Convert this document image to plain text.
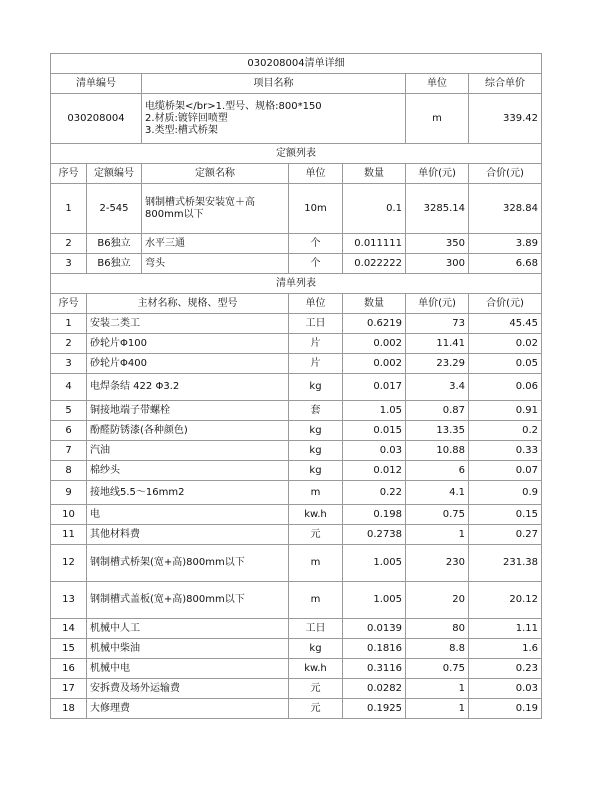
030208004清单详细						
清单编号		项目名称			单位	综合单价
030208004		电缆桥架</br>1.型号、规格:800*150
2.材质:镀锌回喷塑
3.类型:槽式桥架			m	339.42
定额列表						
序号	定额编号	定额名称	单位	数量	单价(元)	合价(元)
1	2-545	钢制槽式桥架安装宽＋高800mm以下	10m	0.1	3285.14	328.84
2	B6独立	水平三通	个	0.011111	350	3.89
3	B6独立	弯头	个	0.022222	300	6.68
清单列表						
序号	主材名称、规格、型号		单位	数量	单价(元)	合价(元)
1	安装二类工		工日	0.6219	73	45.45
2	砂轮片Φ100		片	0.002	11.41	0.02
3	砂轮片Φ400		片	0.002	23.29	0.05
4	电焊条结 422 Φ3.2		kg	0.017	3.4	0.06
5	铜接地端子带螺栓		套	1.05	0.87	0.91
6	酚醛防锈漆(各种颜色)		kg	0.015	13.35	0.2
7	汽油		kg	0.03	10.88	0.33
8	棉纱头		kg	0.012	6	0.07
9	接地线5.5～16mm2		m	0.22	4.1	0.9
10	电		kw.h	0.198	0.75	0.15
11	其他材料费		元	0.2738	1	0.27
12	钢制槽式桥架(宽+高)800mm以下		m	1.005	230	231.38
13	钢制槽式盖板(宽+高)800mm以下		m	1.005	20	20.12
14	机械中人工		工日	0.0139	80	1.11
15	机械中柴油		kg	0.1816	8.8	1.6
16	机械中电		kw.h	0.3116	0.75	0.23
17	安拆费及场外运输费		元	0.0282	1	0.03
18	大修理费		元	0.1925	1	0.19
